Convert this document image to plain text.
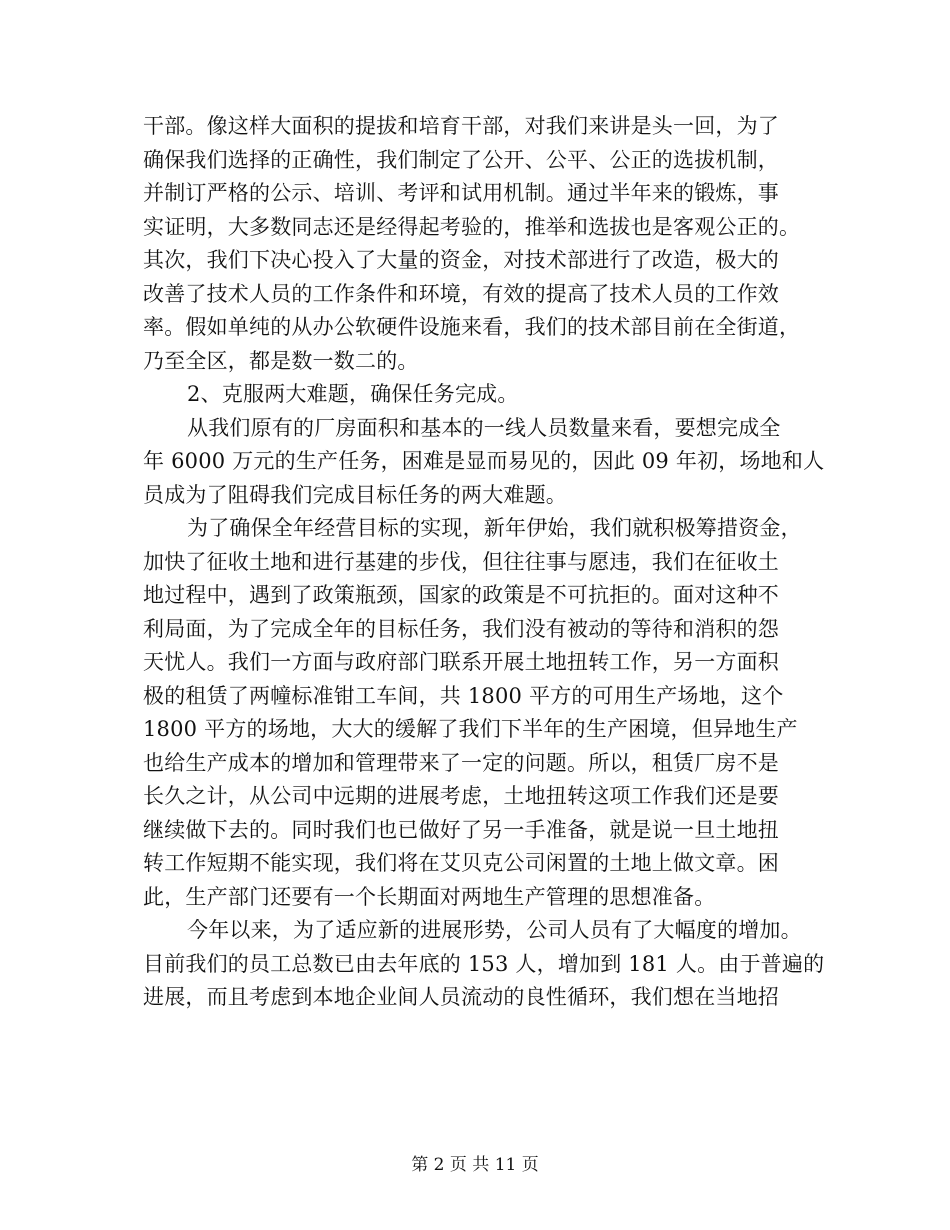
干部。像这样大面积的提拔和培育干部，对我们来讲是头一回，为了
确保我们选择的正确性，我们制定了公开、公平、公正的选拔机制，
并制订严格的公示、培训、考评和试用机制。通过半年来的锻炼，事
实证明，大多数同志还是经得起考验的，推举和选拔也是客观公正的。
其次，我们下决心投入了大量的资金，对技术部进行了改造，极大的
改善了技术人员的工作条件和环境，有效的提高了技术人员的工作效
率。假如单纯的从办公软硬件设施来看，我们的技术部目前在全街道，
乃至全区，都是数一数二的。
2、克服两大难题，确保任务完成。
从我们原有的厂房面积和基本的一线人员数量来看，要想完成全
年 6000 万元的生产任务，困难是显而易见的，因此 09 年初，场地和人
员成为了阻碍我们完成目标任务的两大难题。
为了确保全年经营目标的实现，新年伊始，我们就积极筹措资金，
加快了征收土地和进行基建的步伐，但往往事与愿违，我们在征收土
地过程中，遇到了政策瓶颈，国家的政策是不可抗拒的。面对这种不
利局面，为了完成全年的目标任务，我们没有被动的等待和消积的怨
天忧人。我们一方面与政府部门联系开展土地扭转工作，另一方面积
极的租赁了两幢标准钳工车间，共 1800 平方的可用生产场地，这个
1800 平方的场地，大大的缓解了我们下半年的生产困境，但异地生产
也给生产成本的增加和管理带来了一定的问题。所以，租赁厂房不是
长久之计，从公司中远期的进展考虑，土地扭转这项工作我们还是要
继续做下去的。同时我们也已做好了另一手准备，就是说一旦土地扭
转工作短期不能实现，我们将在艾贝克公司闲置的土地上做文章。困
此，生产部门还要有一个长期面对两地生产管理的思想准备。
今年以来，为了适应新的进展形势，公司人员有了大幅度的增加。
目前我们的员工总数已由去年底的 153 人，增加到 181 人。由于普遍的
进展，而且考虑到本地企业间人员流动的良性循环，我们想在当地招
第 2 页 共 11 页
